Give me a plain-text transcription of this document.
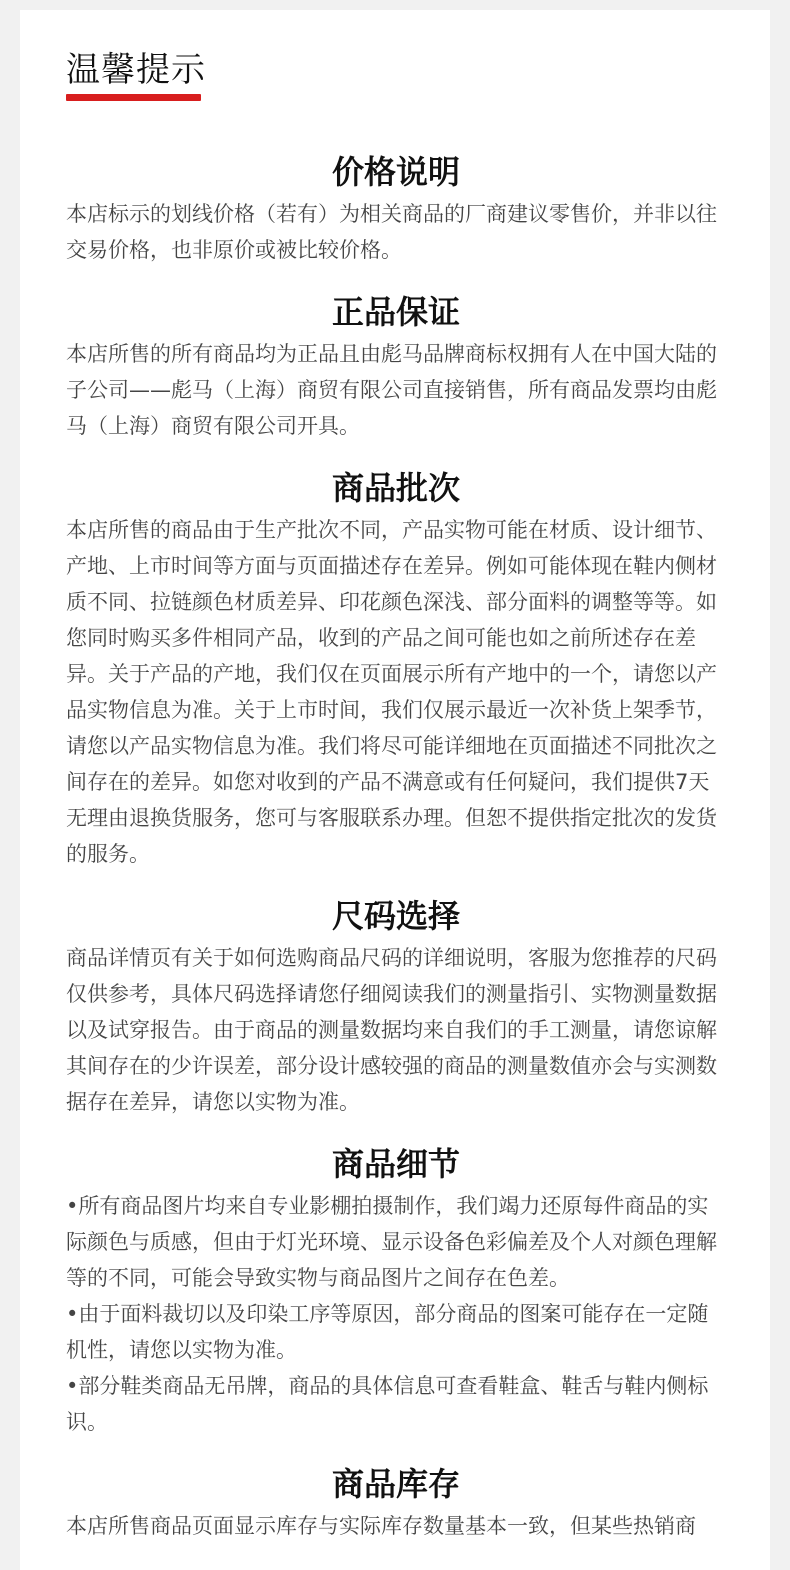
温馨提示
价格说明

本店标示的划线价格（若有）为相关商品的厂商建议零售价，并非以往交易价格，也非原价或被比较价格。

正品保证

本店所售的所有商品均为正品且由彪马品牌商标权拥有人在中国大陆的子公司——彪马（上海）商贸有限公司直接销售，所有商品发票均由彪马（上海）商贸有限公司开具。

商品批次

本店所售的商品由于生产批次不同，产品实物可能在材质、设计细节、产地、上市时间等方面与页面描述存在差异。例如可能体现在鞋内侧材质不同、拉链颜色材质差异、印花颜色深浅、部分面料的调整等等。如您同时购买多件相同产品，收到的产品之间可能也如之前所述存在差异。关于产品的产地，我们仅在页面展示所有产地中的一个，请您以产品实物信息为准。关于上市时间，我们仅展示最近一次补货上架季节，请您以产品实物信息为准。我们将尽可能详细地在页面描述不同批次之间存在的差异。如您对收到的产品不满意或有任何疑问，我们提供7天无理由退换货服务，您可与客服联系办理。但恕不提供指定批次的发货的服务。

尺码选择

商品详情页有关于如何选购商品尺码的详细说明，客服为您推荐的尺码仅供参考，具体尺码选择请您仔细阅读我们的测量指引、实物测量数据以及试穿报告。由于商品的测量数据均来自我们的手工测量，请您谅解其间存在的少许误差，部分设计感较强的商品的测量数值亦会与实测数据存在差异，请您以实物为准。

商品细节

•所有商品图片均来自专业影棚拍摄制作，我们竭力还原每件商品的实际颜色与质感，但由于灯光环境、显示设备色彩偏差及个人对颜色理解等的不同，可能会导致实物与商品图片之间存在色差。

•由于面料裁切以及印染工序等原因，部分商品的图案可能存在一定随机性，请您以实物为准。

•部分鞋类商品无吊牌，商品的具体信息可查看鞋盒、鞋舌与鞋内侧标识。

商品库存

本店所售商品页面显示库存与实际库存数量基本一致，但某些热销商
